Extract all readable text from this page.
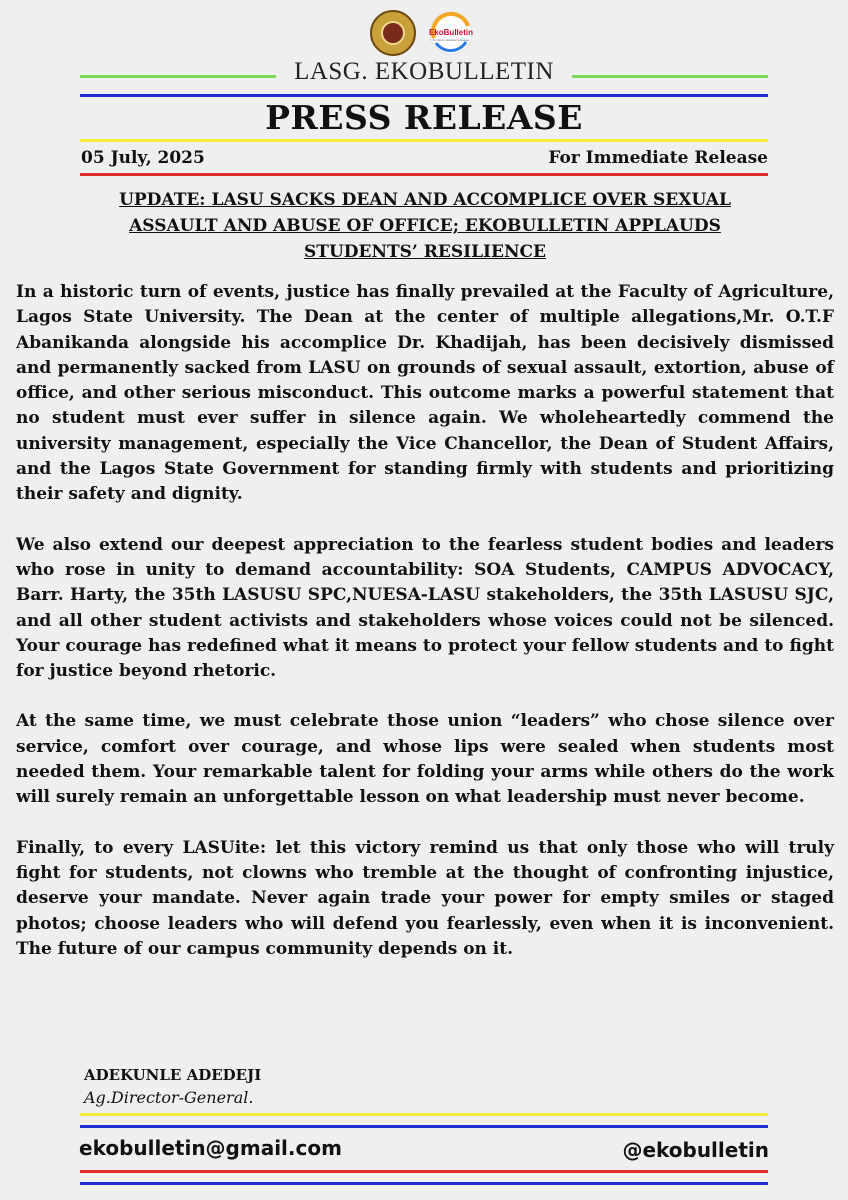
EkoBulletin
For Inform, Empower & Engage
LASG. EKOBULLETIN
PRESS RELEASE
05 July, 2025	For Immediate Release
UPDATE: LASU SACKS DEAN AND ACCOMPLICE OVER SEXUAL ASSAULT AND ABUSE OF OFFICE; EKOBULLETIN APPLAUDS STUDENTS’ RESILIENCE

In a historic turn of events, justice has finally prevailed at the Faculty of Agriculture, Lagos State University. The Dean at the center of multiple allegations,Mr. O.T.F Abanikanda alongside his accomplice Dr. Khadijah, has been decisively dismissed and permanently sacked from LASU on grounds of sexual assault, extortion, abuse of office, and other serious misconduct. This outcome marks a powerful statement that no student must ever suffer in silence again. We wholeheartedly commend the university management, especially the Vice Chancellor, the Dean of Student Affairs, and the Lagos State Government for standing firmly with students and prioritizing their safety and dignity.

We also extend our deepest appreciation to the fearless student bodies and leaders who rose in unity to demand accountability: SOA Students, CAMPUS ADVOCACY, Barr. Harty, the 35th LASUSU SPC,NUESA-LASU stakeholders, the 35th LASUSU SJC, and all other student activists and stakeholders whose voices could not be silenced. Your courage has redefined what it means to protect your fellow students and to fight for justice beyond rhetoric.

At the same time, we must celebrate those union “leaders” who chose silence over service, comfort over courage, and whose lips were sealed when students most needed them. Your remarkable talent for folding your arms while others do the work will surely remain an unforgettable lesson on what leadership must never become.

Finally, to every LASUite: let this victory remind us that only those who will truly fight for students, not clowns who tremble at the thought of confronting injustice, deserve your mandate. Never again trade your power for empty smiles or staged photos; choose leaders who will defend you fearlessly, even when it is inconvenient. The future of our campus community depends on it.

ADEKUNLE ADEDEJI
Ag.Director-General.
ekobulletin@gmail.com	@ekobulletin
